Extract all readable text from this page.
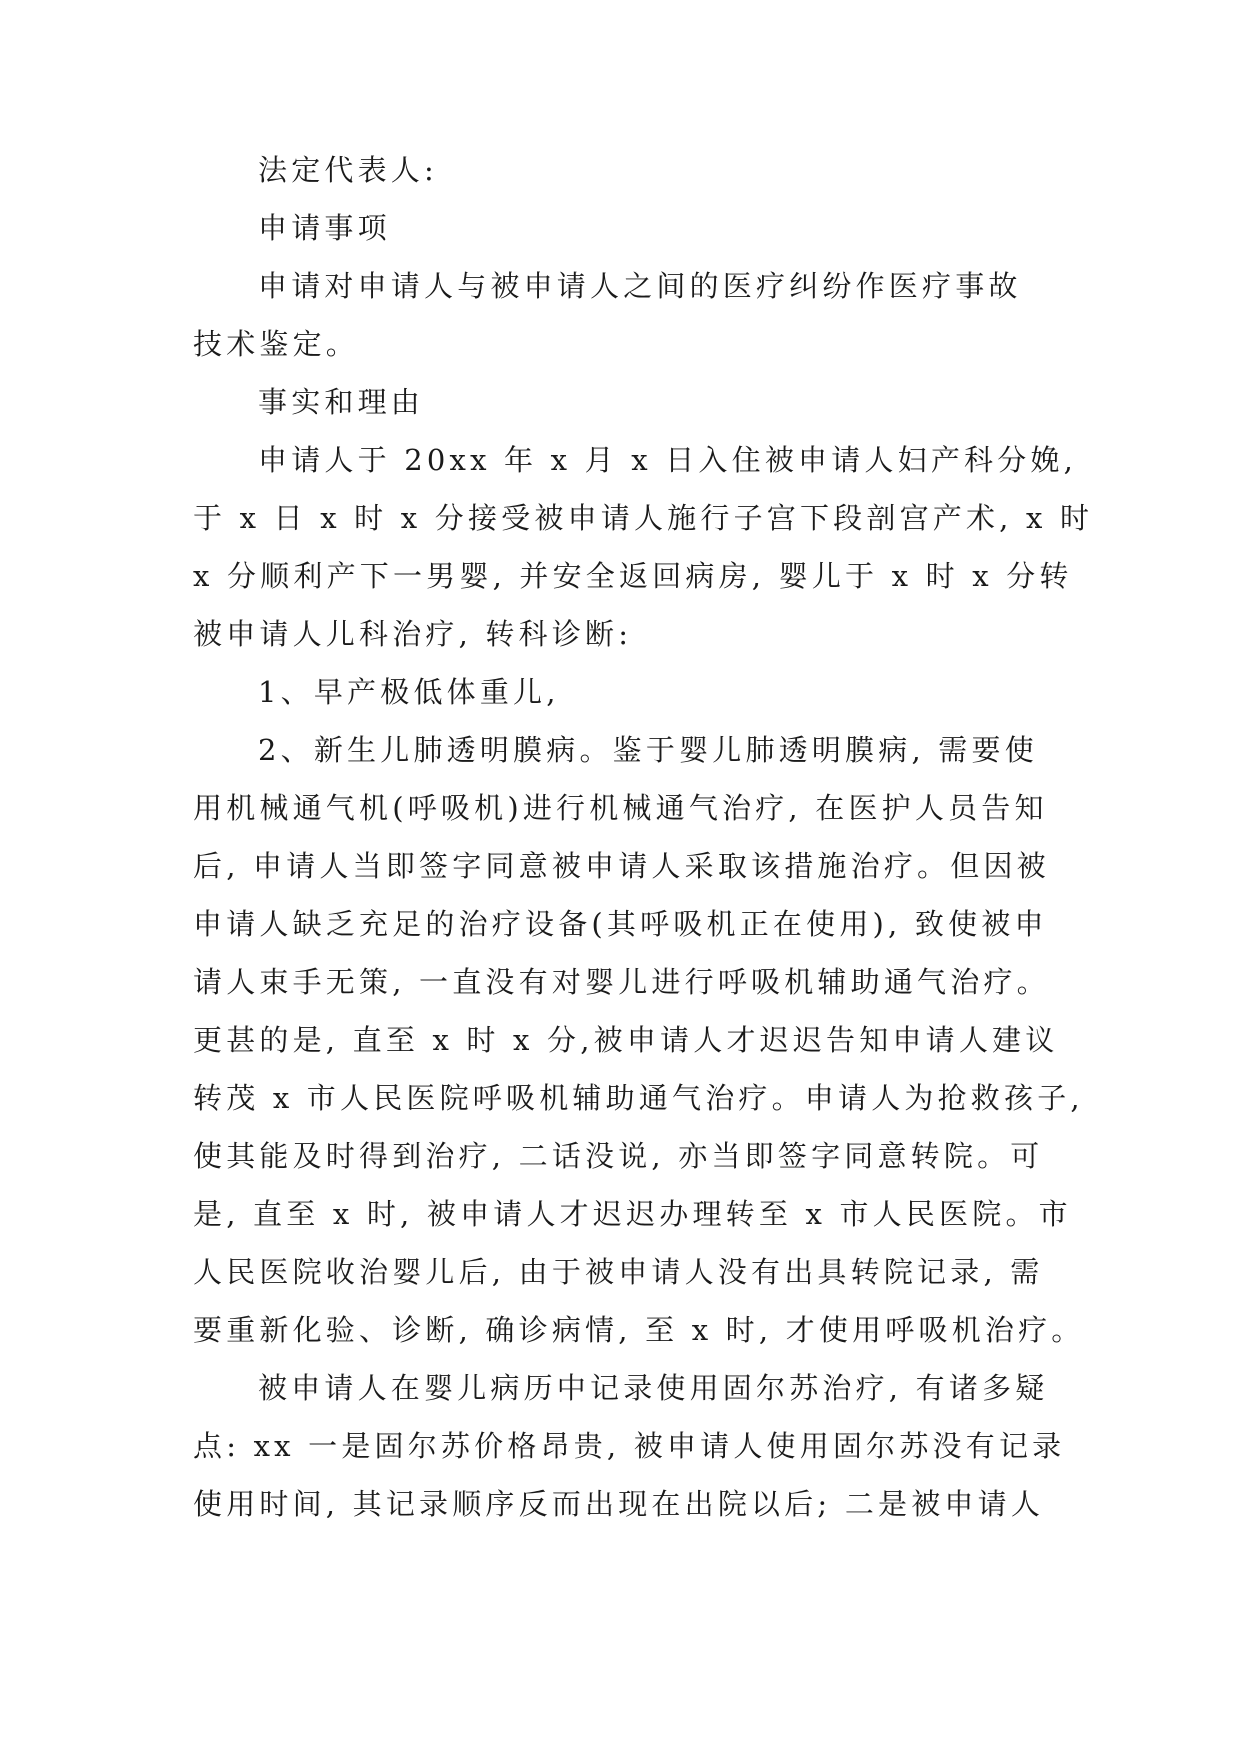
法定代表人:
申请事项
申请对申请人与被申请人之间的医疗纠纷作医疗事故
技术鉴定。
事实和理由
申请人于 20xx 年 x 月 x 日入住被申请人妇产科分娩,
于 x 日 x 时 x 分接受被申请人施行子宫下段剖宫产术, x 时
x 分顺利产下一男婴, 并安全返回病房, 婴儿于 x 时 x 分转
被申请人儿科治疗, 转科诊断:
1、早产极低体重儿,
2、新生儿肺透明膜病。鉴于婴儿肺透明膜病, 需要使
用机械通气机(呼吸机)进行机械通气治疗, 在医护人员告知
后, 申请人当即签字同意被申请人采取该措施治疗。但因被
申请人缺乏充足的治疗设备(其呼吸机正在使用), 致使被申
请人束手无策, 一直没有对婴儿进行呼吸机辅助通气治疗。
更甚的是, 直至 x 时 x 分,被申请人才迟迟告知申请人建议
转茂 x 市人民医院呼吸机辅助通气治疗。申请人为抢救孩子,
使其能及时得到治疗, 二话没说, 亦当即签字同意转院。可
是, 直至 x 时, 被申请人才迟迟办理转至 x 市人民医院。市
人民医院收治婴儿后, 由于被申请人没有出具转院记录, 需
要重新化验、诊断, 确诊病情, 至 x 时, 才使用呼吸机治疗。
被申请人在婴儿病历中记录使用固尔苏治疗, 有诸多疑
点: xx 一是固尔苏价格昂贵, 被申请人使用固尔苏没有记录
使用时间, 其记录顺序反而出现在出院以后; 二是被申请人
